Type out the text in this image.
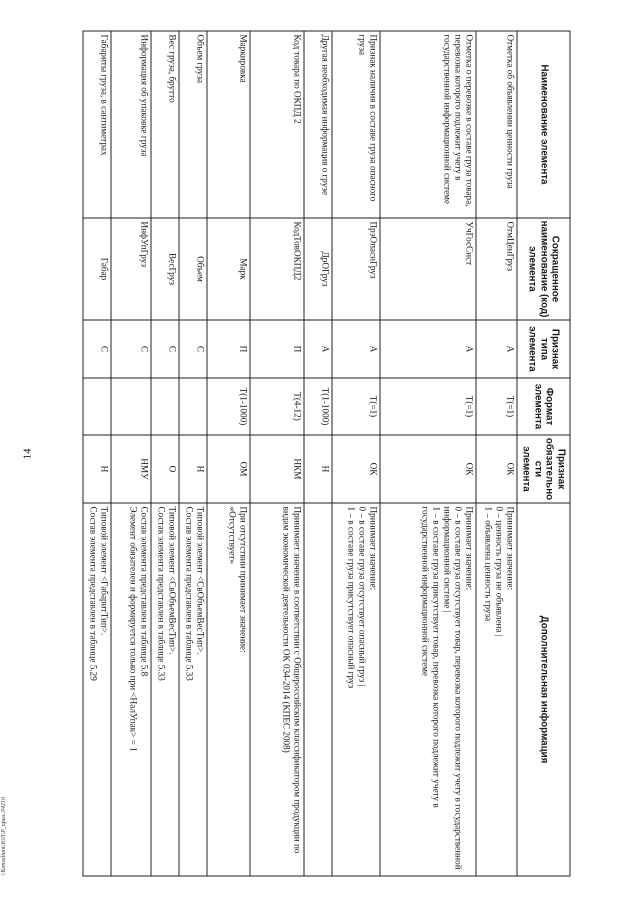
14
\\Konsultant\ЮЛ\Р_прил.Л4210
Наименование элемента	Сокращенное наименование (код) элемента	Признак типа элемента	Формат элемента	Признак обязательности элемента	Дополнительная информация
Отметка об объявлении ценности груза	ОтмЦенГруз	А	Т(=1)	ОК	Принимает значение:
0 – ценность груза не объявлена |
1 – объявлена ценность груза
Отметка о перевозке в составе груза товара, перевозка которого подлежит учету в государственной информационной системе	УчГосСист	А	Т(=1)	ОК	Принимает значение:
0 – в составе груза отсутствует товар, перевозка которого подлежит учету в государственной информационной системе |
1 – в составе груза присутствует товар, перевозка которого подлежит учету в государственной информационной системе
Признак наличия в составе груза опасного груза	ПрзОпаснГруз	А	Т(=1)	ОК	Принимает значение:
0 – в составе груза отсутствует опасный груз |
1 – в составе груза присутствует опасный груз
Другая необходимая информация о грузе	ДрОГруз	А	Т(1-1000)	Н	
Код товара по ОКПД 2	КодТовОКПД2	П	Т(4-12)	НКМ	Принимает значение в соответствии с Общероссийским классификатором продукции по видам экономической деятельности ОК 034-2014 (КПЕС 2008)
Маркировка	Марк	П	Т(1-1000)	ОМ	При отсутствии принимает значение:
«Отсутствует»
Объем груза	Объем	С		Н	Типовой элемент <СвОбъемВесТип>.
Состав элемента представлен в таблице 5.33
Вес груза, брутто	ВесГруз	С		О	Типовой элемент <СвОбъемВесТип>.
Состав элемента представлен в таблице 5.33
Информация об упаковке груза	ИнфУпГруз	С		НМУ	Состав элемента представлен в таблице 5.8
Элемент обязателен и формируется только при <НалУпак> = 1
Габариты груза, в сантиметрах	Габар	С		Н	Типовой элемент <ГабаритТип>.
Состав элемента представлен в таблице 5.29
